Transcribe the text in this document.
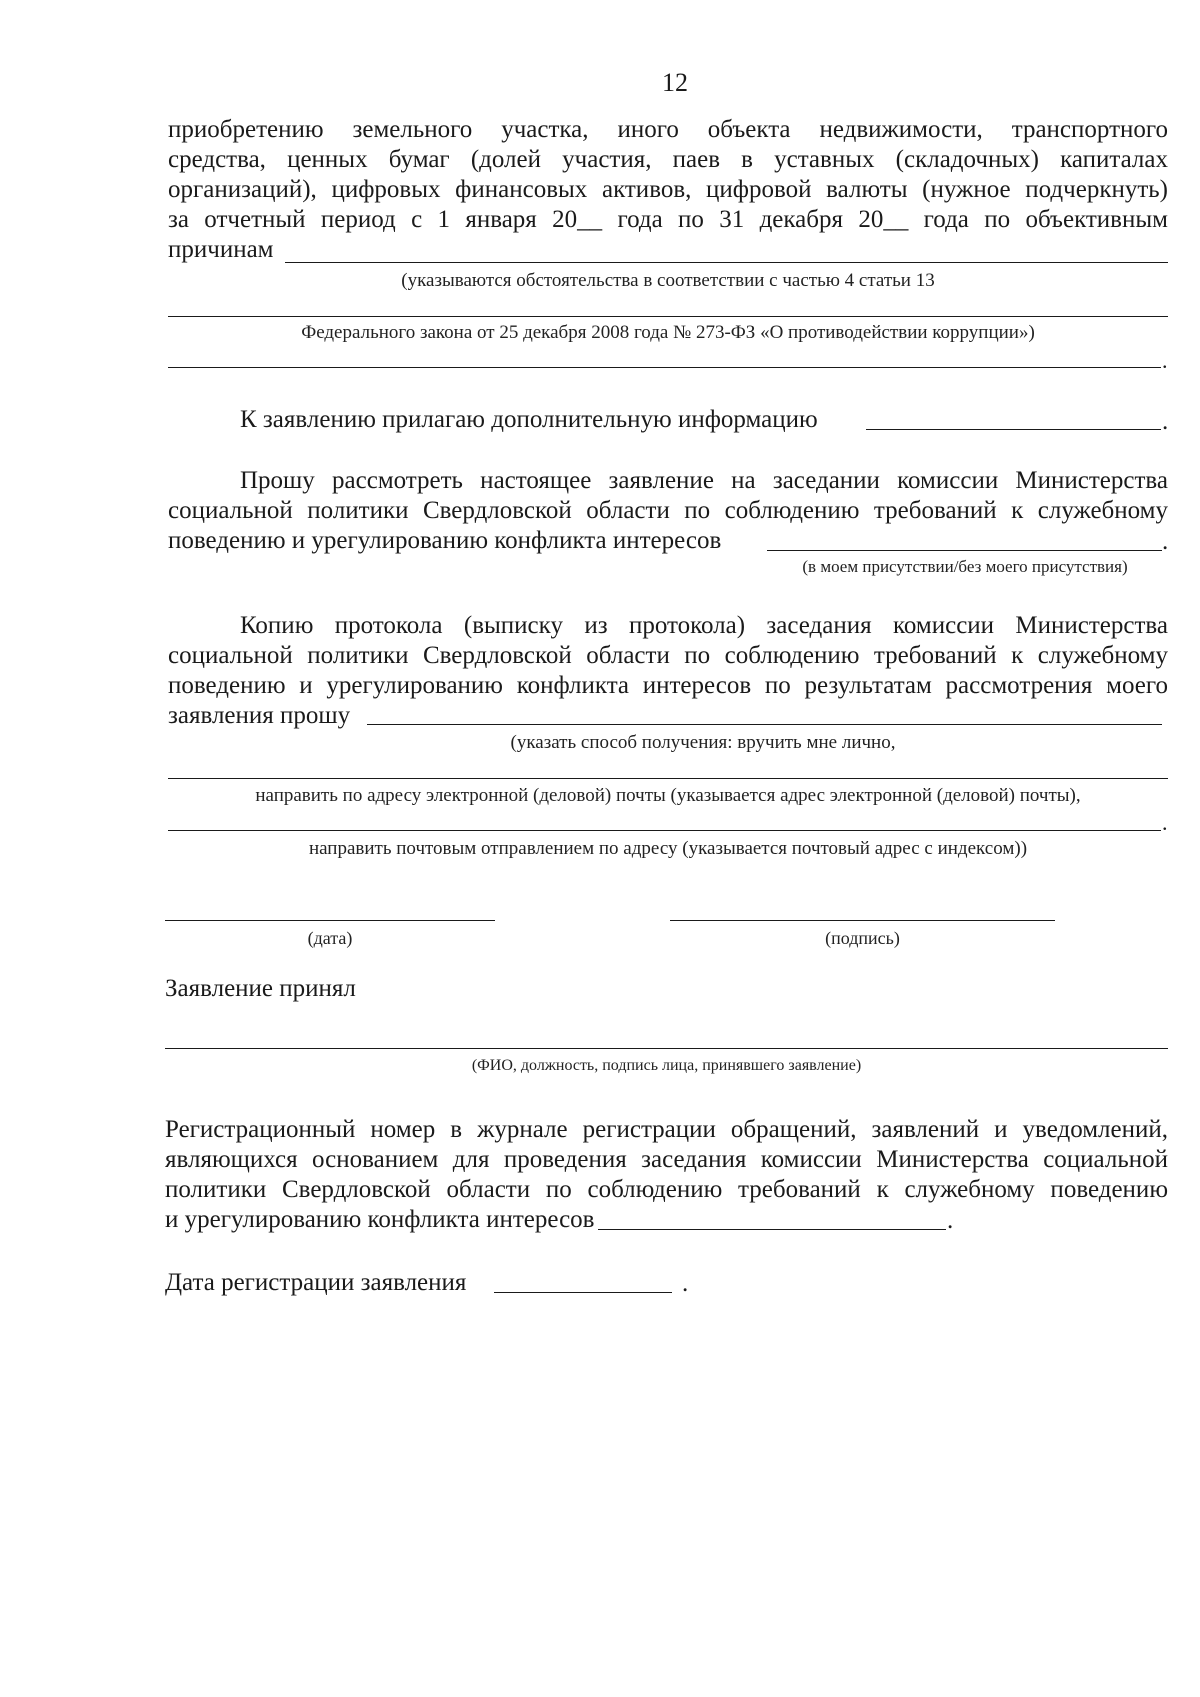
12
приобретению земельного участка, иного объекта недвижимости, транспортного
средства, ценных бумаг (долей участия, паев в уставных (складочных) капиталах
организаций), цифровых финансовых активов, цифровой валюты (нужное подчеркнуть)
за отчетный период с 1 января 20__ года по 31 декабря 20__ года по объективным
причинам
(указываются обстоятельства в соответствии с частью 4 статьи 13
Федерального закона от 25 декабря 2008 года № 273-ФЗ «О противодействии коррупции»)
.
К заявлению прилагаю дополнительную информацию	.
Прошу рассмотреть настоящее заявление на заседании комиссии Министерства
социальной политики Свердловской области по соблюдению требований к служебному
поведению и урегулированию конфликта интересов	.
(в моем присутствии/без моего присутствия)
Копию протокола (выписку из протокола) заседания комиссии Министерства
социальной политики Свердловской области по соблюдению требований к служебному
поведению и урегулированию конфликта интересов по результатам рассмотрения моего
заявления прошу
(указать способ получения: вручить мне лично,
направить по адресу электронной (деловой) почты (указывается адрес электронной (деловой) почты),
.
направить почтовым отправлением по адресу (указывается почтовый адрес с индексом))
(дата)	(подпись)
Заявление принял
(ФИО, должность, подпись лица, принявшего заявление)
Регистрационный номер в журнале регистрации обращений, заявлений и уведомлений,
являющихся основанием для проведения заседания комиссии Министерства социальной
политики Свердловской области по соблюдению требований к служебному поведению
и урегулированию конфликта интересов	.
Дата регистрации заявления	.
